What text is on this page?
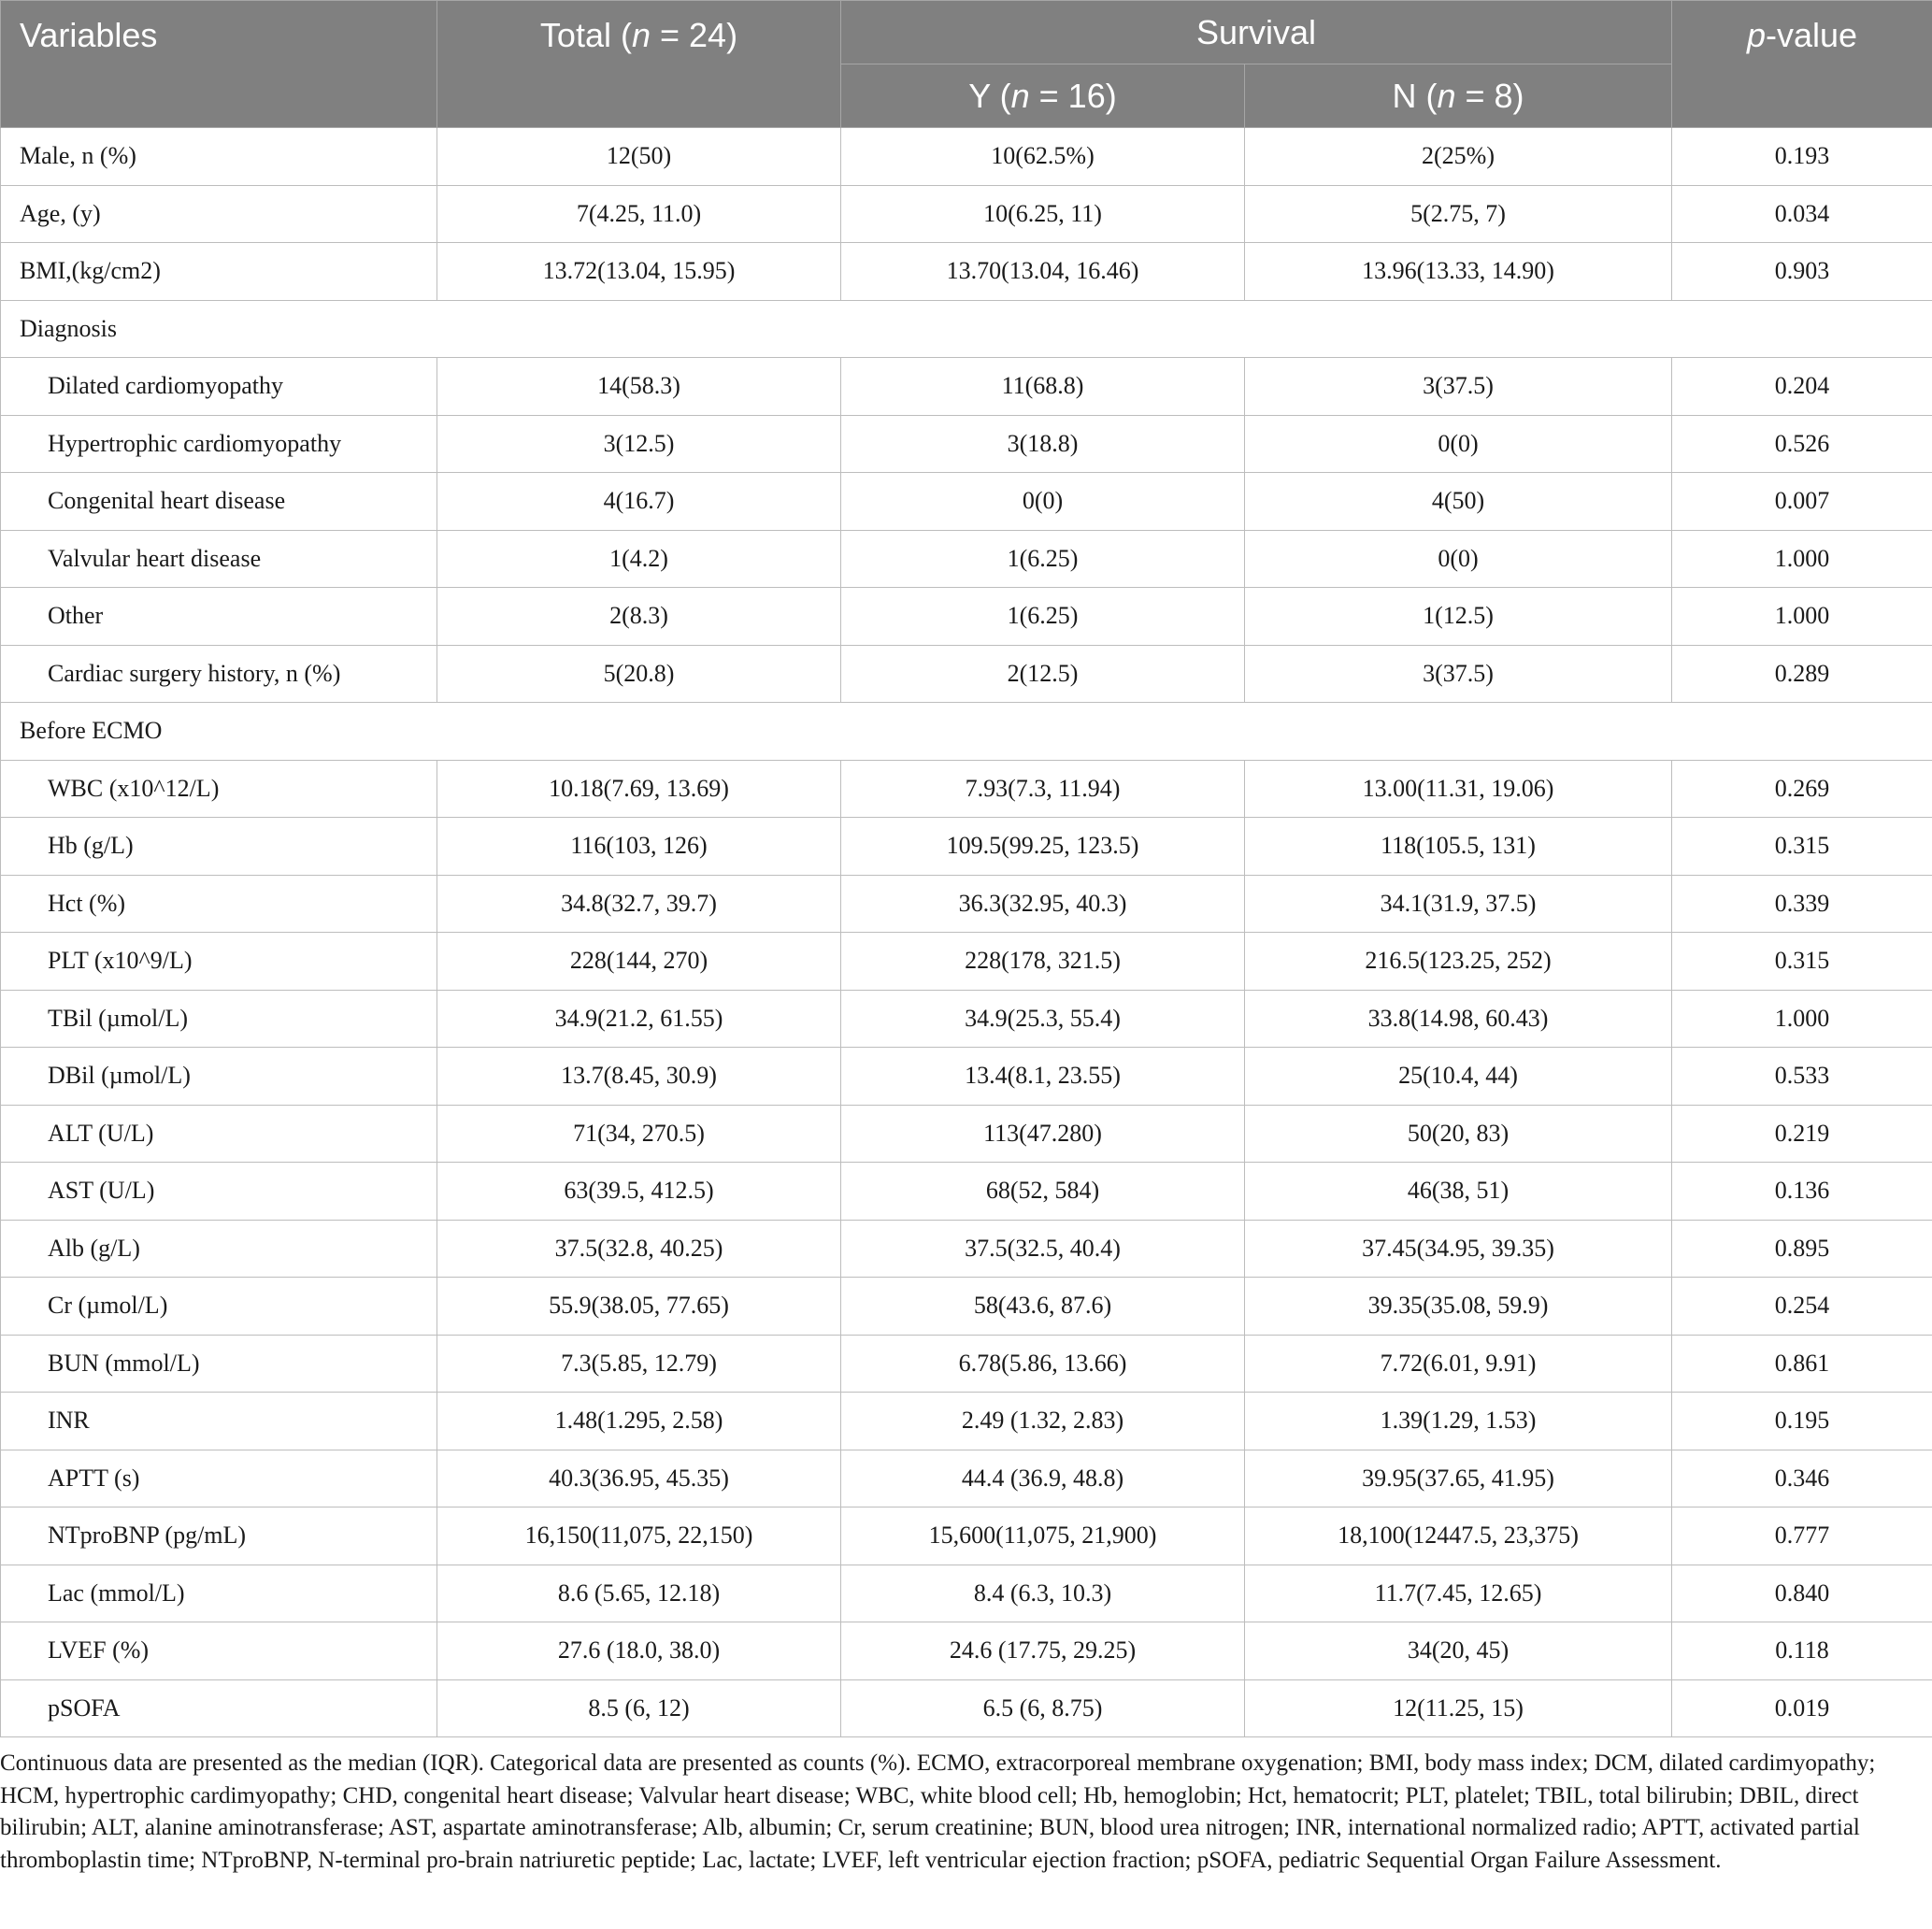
Variables	Total (n = 24)	Survival		p-value
		Y (n = 16)	N (n = 8)	
Male, n (%)	12(50)	10(62.5%)	2(25%)	0.193
Age, (y)	7(4.25, 11.0)	10(6.25, 11)	5(2.75, 7)	0.034
BMI,(kg/cm2)	13.72(13.04, 15.95)	13.70(13.04, 16.46)	13.96(13.33, 14.90)	0.903
Diagnosis				
Dilated cardiomyopathy	14(58.3)	11(68.8)	3(37.5)	0.204
Hypertrophic cardiomyopathy	3(12.5)	3(18.8)	0(0)	0.526
Congenital heart disease	4(16.7)	0(0)	4(50)	0.007
Valvular heart disease	1(4.2)	1(6.25)	0(0)	1.000
Other	2(8.3)	1(6.25)	1(12.5)	1.000
Cardiac surgery history, n (%)	5(20.8)	2(12.5)	3(37.5)	0.289
Before ECMO				
WBC (x10^12/L)	10.18(7.69, 13.69)	7.93(7.3, 11.94)	13.00(11.31, 19.06)	0.269
Hb (g/L)	116(103, 126)	109.5(99.25, 123.5)	118(105.5, 131)	0.315
Hct (%)	34.8(32.7, 39.7)	36.3(32.95, 40.3)	34.1(31.9, 37.5)	0.339
PLT (x10^9/L)	228(144, 270)	228(178, 321.5)	216.5(123.25, 252)	0.315
TBil (µmol/L)	34.9(21.2, 61.55)	34.9(25.3, 55.4)	33.8(14.98, 60.43)	1.000
DBil (µmol/L)	13.7(8.45, 30.9)	13.4(8.1, 23.55)	25(10.4, 44)	0.533
ALT (U/L)	71(34, 270.5)	113(47.280)	50(20, 83)	0.219
AST (U/L)	63(39.5, 412.5)	68(52, 584)	46(38, 51)	0.136
Alb (g/L)	37.5(32.8, 40.25)	37.5(32.5, 40.4)	37.45(34.95, 39.35)	0.895
Cr (µmol/L)	55.9(38.05, 77.65)	58(43.6, 87.6)	39.35(35.08, 59.9)	0.254
BUN (mmol/L)	7.3(5.85, 12.79)	6.78(5.86, 13.66)	7.72(6.01, 9.91)	0.861
INR	1.48(1.295, 2.58)	2.49 (1.32, 2.83)	1.39(1.29, 1.53)	0.195
APTT (s)	40.3(36.95, 45.35)	44.4 (36.9, 48.8)	39.95(37.65, 41.95)	0.346
NTproBNP (pg/mL)	16,150(11,075, 22,150)	15,600(11,075, 21,900)	18,100(12447.5, 23,375)	0.777
Lac (mmol/L)	8.6 (5.65, 12.18)	8.4 (6.3, 10.3)	11.7(7.45, 12.65)	0.840
LVEF (%)	27.6 (18.0, 38.0)	24.6 (17.75, 29.25)	34(20, 45)	0.118
pSOFA	8.5 (6, 12)	6.5 (6, 8.75)	12(11.25, 15)	0.019
Continuous data are presented as the median (IQR). Categorical data are presented as counts (%). ECMO, extracorporeal membrane oxygenation; BMI, body mass index; DCM, dilated cardimyopathy; HCM, hypertrophic cardimyopathy; CHD, congenital heart disease; Valvular heart disease; WBC, white blood cell; Hb, hemoglobin; Hct, hematocrit; PLT, platelet; TBIL, total bilirubin; DBIL, direct bilirubin; ALT, alanine aminotransferase; AST, aspartate aminotransferase; Alb, albumin; Cr, serum creatinine; BUN, blood urea nitrogen; INR, international normalized radio; APTT, activated partial thromboplastin time; NTproBNP, N-terminal pro-brain natriuretic peptide; Lac, lactate; LVEF, left ventricular ejection fraction; pSOFA, pediatric Sequential Organ Failure Assessment.
